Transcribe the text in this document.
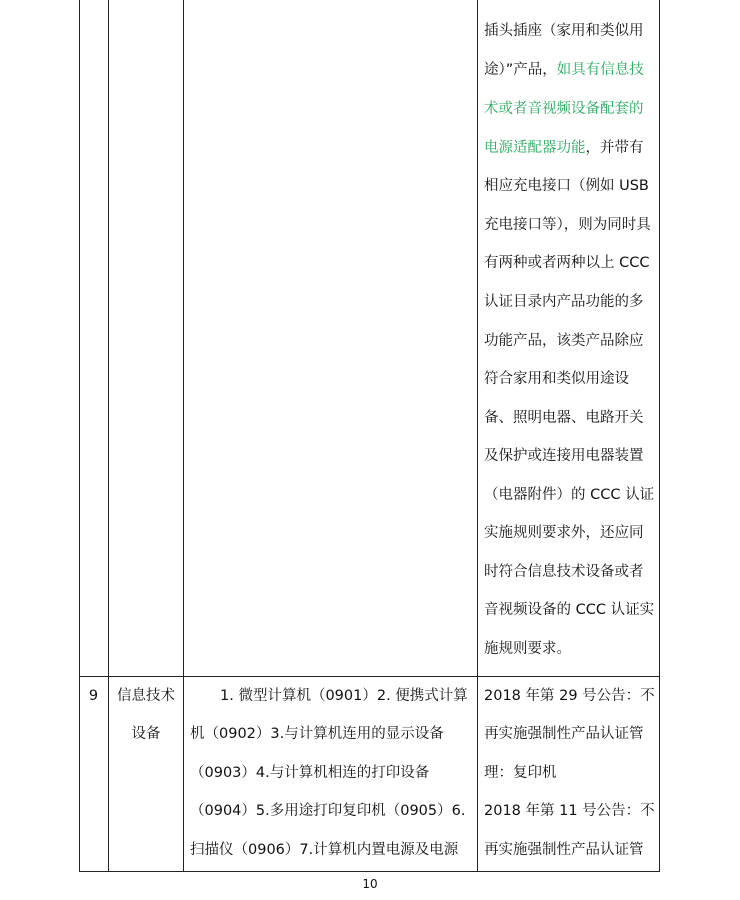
插头插座（家用和类似用
途）”产品，如具有信息技
术或者音视频设备配套的
电源适配器功能，并带有
相应充电接口（例如 USB
充电接口等），则为同时具
有两种或者两种以上 CCC
认证目录内产品功能的多
功能产品，该类产品除应
符合家用和类似用途设
备、照明电器、电路开关
及保护或连接用电器装置
（电器附件）的 CCC 认证
实施规则要求外，还应同
时符合信息技术设备或者
音视频设备的 CCC 认证实
施规则要求。
9	信息技术
设备
1. 微型计算机（0901）2. 便携式计算
机（0902）3.与计算机连用的显示设备
（0903）4.与计算机相连的打印设备
（0904）5.多用途打印复印机（0905）6.
扫描仪（0906）7.计算机内置电源及电源
2018 年第 29 号公告：不
再实施强制性产品认证管
理：复印机
2018 年第 11 号公告：不
再实施强制性产品认证管
10
